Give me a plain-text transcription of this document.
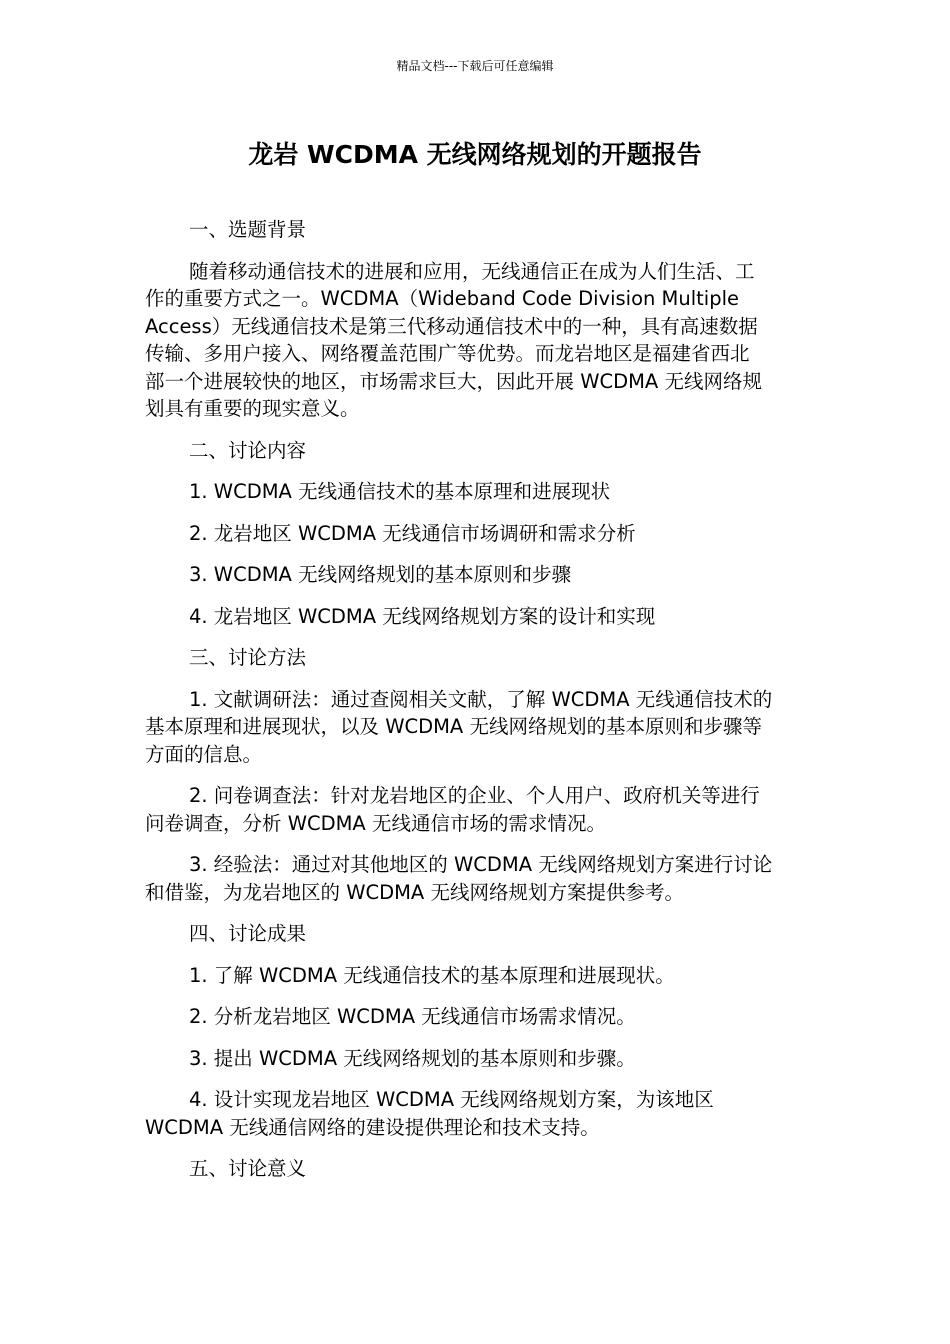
精品文档---下载后可任意编辑
龙岩 WCDMA 无线网络规划的开题报告

一、选题背景

随着移动通信技术的进展和应用，无线通信正在成为人们生活、工
作的重要方式之一。WCDMA（Wideband Code Division Multiple
Access）无线通信技术是第三代移动通信技术中的一种，具有高速数据
传输、多用户接入、网络覆盖范围广等优势。而龙岩地区是福建省西北
部一个进展较快的地区，市场需求巨大，因此开展 WCDMA 无线网络规
划具有重要的现实意义。

二、讨论内容

1. WCDMA 无线通信技术的基本原理和进展现状

2. 龙岩地区 WCDMA 无线通信市场调研和需求分析

3. WCDMA 无线网络规划的基本原则和步骤

4. 龙岩地区 WCDMA 无线网络规划方案的设计和实现

三、讨论方法

1. 文献调研法：通过查阅相关文献，了解 WCDMA 无线通信技术的
基本原理和进展现状，以及 WCDMA 无线网络规划的基本原则和步骤等
方面的信息。

2. 问卷调查法：针对龙岩地区的企业、个人用户、政府机关等进行
问卷调查，分析 WCDMA 无线通信市场的需求情况。

3. 经验法：通过对其他地区的 WCDMA 无线网络规划方案进行讨论
和借鉴，为龙岩地区的 WCDMA 无线网络规划方案提供参考。

四、讨论成果

1. 了解 WCDMA 无线通信技术的基本原理和进展现状。

2. 分析龙岩地区 WCDMA 无线通信市场需求情况。

3. 提出 WCDMA 无线网络规划的基本原则和步骤。

4. 设计实现龙岩地区 WCDMA 无线网络规划方案，为该地区
WCDMA 无线通信网络的建设提供理论和技术支持。

五、讨论意义
